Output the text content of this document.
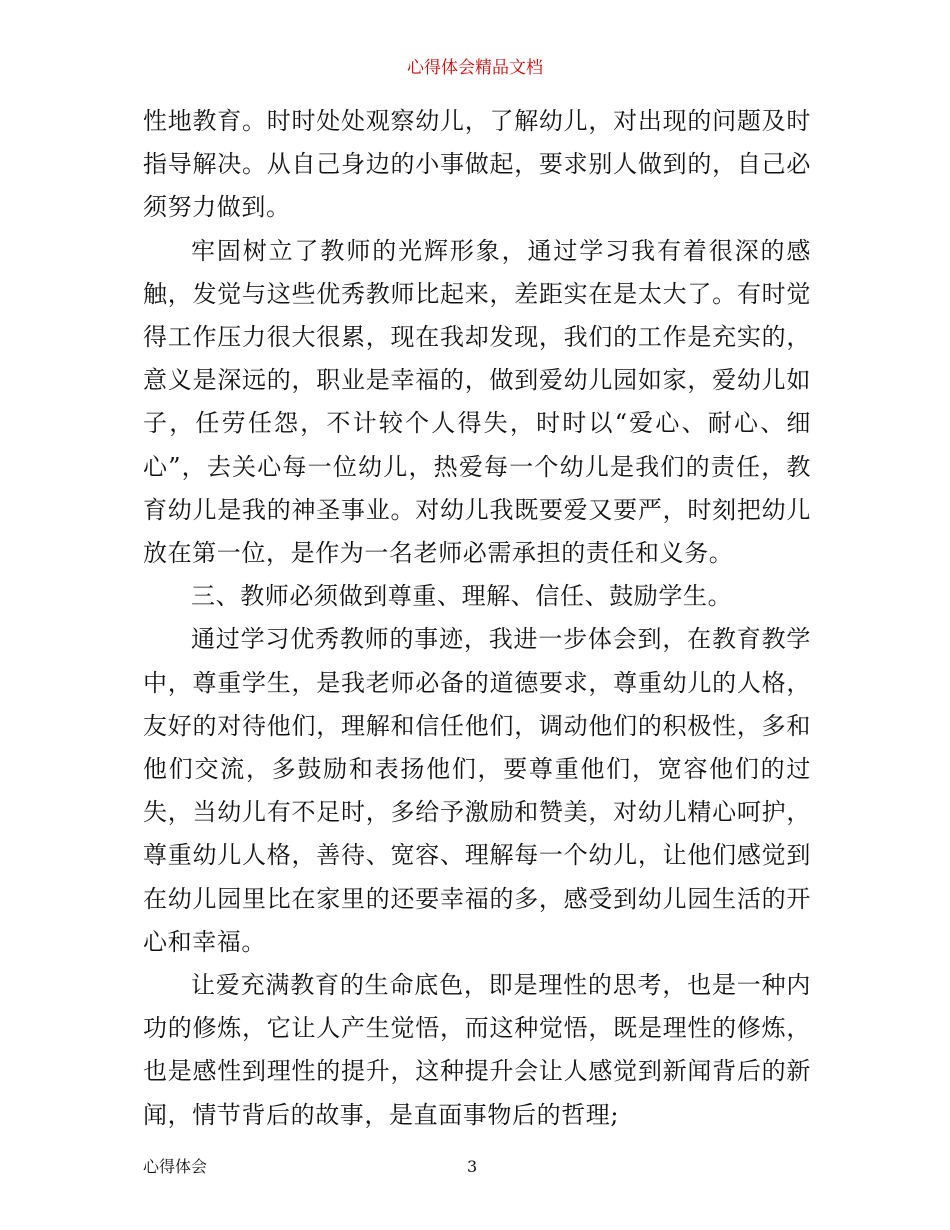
心得体会精品文档

性地教育。时时处处观察幼儿，了解幼儿，对出现的问题及时指导解决。从自己身边的小事做起，要求别人做到的，自己必须努力做到。

牢固树立了教师的光辉形象，通过学习我有着很深的感触，发觉与这些优秀教师比起来，差距实在是太大了。有时觉得工作压力很大很累，现在我却发现，我们的工作是充实的，意义是深远的，职业是幸福的，做到爱幼儿园如家，爱幼儿如子，任劳任怨，不计较个人得失，时时以“爱心、耐心、细心”，去关心每一位幼儿，热爱每一个幼儿是我们的责任，教育幼儿是我的神圣事业。对幼儿我既要爱又要严，时刻把幼儿放在第一位，是作为一名老师必需承担的责任和义务。

三、教师必须做到尊重、理解、信任、鼓励学生。

通过学习优秀教师的事迹，我进一步体会到，在教育教学中，尊重学生，是我老师必备的道德要求，尊重幼儿的人格，友好的对待他们，理解和信任他们，调动他们的积极性，多和他们交流，多鼓励和表扬他们，要尊重他们，宽容他们的过失，当幼儿有不足时，多给予激励和赞美，对幼儿精心呵护，尊重幼儿人格，善待、宽容、理解每一个幼儿，让他们感觉到在幼儿园里比在家里的还要幸福的多，感受到幼儿园生活的开心和幸福。

让爱充满教育的生命底色，即是理性的思考，也是一种内功的修炼，它让人产生觉悟，而这种觉悟，既是理性的修炼，也是感性到理性的提升，这种提升会让人感觉到新闻背后的新闻，情节背后的故事，是直面事物后的哲理;

心得体会	3
